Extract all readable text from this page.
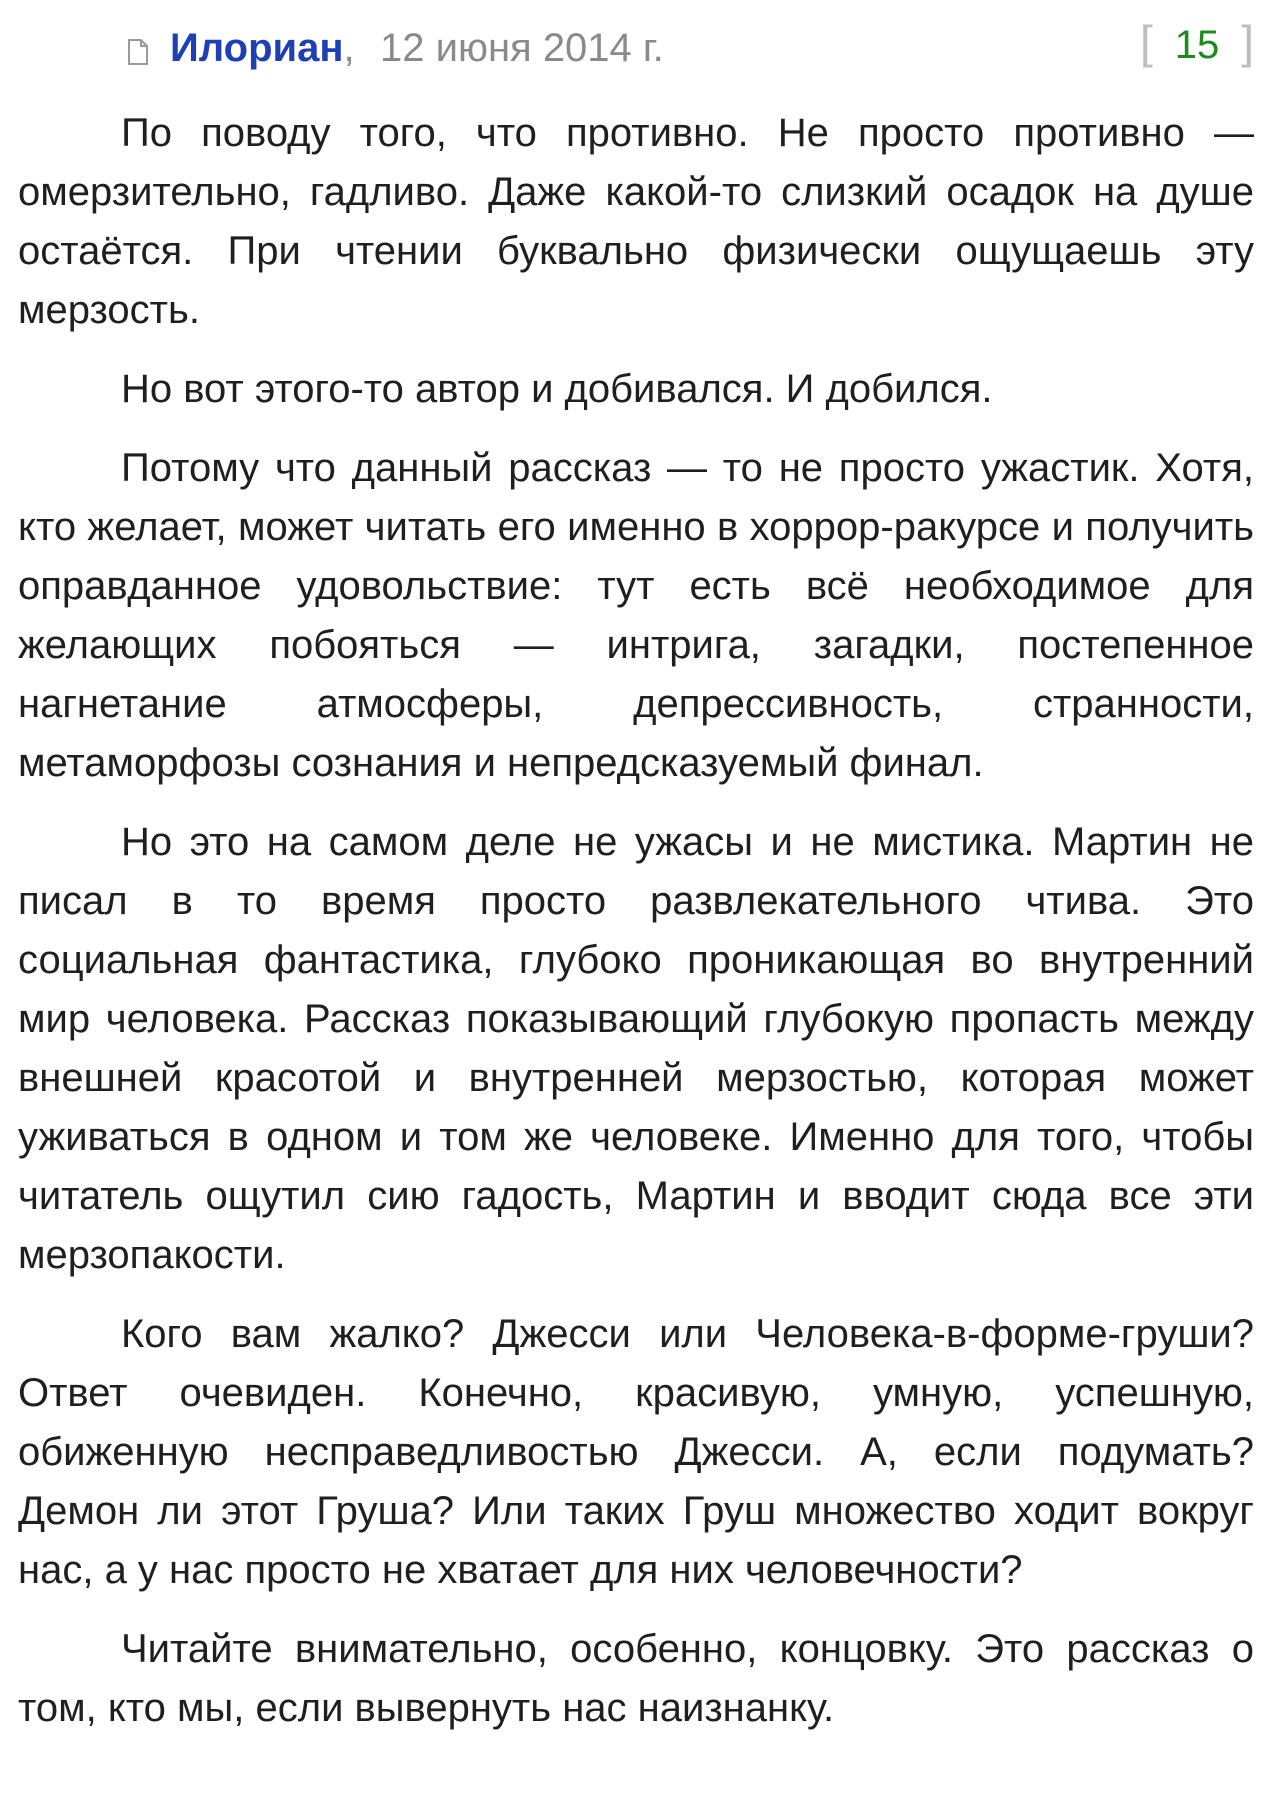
Илориан, 12 июня 2014 г.	[ 15 ]

По поводу того, что противно. Не просто противно — омерзительно, гадливо. Даже какой-то слизкий осадок на душе остаётся. При чтении буквально физически ощущаешь эту мерзость.

Но вот этого-то автор и добивался. И добился.

Потому что данный рассказ — то не просто ужастик. Хотя, кто желает, может читать его именно в хоррор-ракурсе и получить оправданное удовольствие: тут есть всё необходимое для желающих побояться — интрига, загадки, постепенное нагнетание атмосферы, депрессивность, странности, метаморфозы сознания и непредсказуемый финал.

Но это на самом деле не ужасы и не мистика. Мартин не писал в то время просто развлекательного чтива. Это социальная фантастика, глубоко проникающая во внутренний мир человека. Рассказ показывающий глубокую пропасть между внешней красотой и внутренней мерзостью, которая может уживаться в одном и том же человеке. Именно для того, чтобы читатель ощутил сию гадость, Мартин и вводит сюда все эти мерзопакости.

Кого вам жалко? Джесси или Человека-в-форме-груши? Ответ очевиден. Конечно, красивую, умную, успешную, обиженную несправедливостью Джесси. А, если подумать? Демон ли этот Груша? Или таких Груш множество ходит вокруг нас, а у нас просто не хватает для них человечности?

Читайте внимательно, особенно, концовку. Это рассказ о том, кто мы, если вывернуть нас наизнанку.
